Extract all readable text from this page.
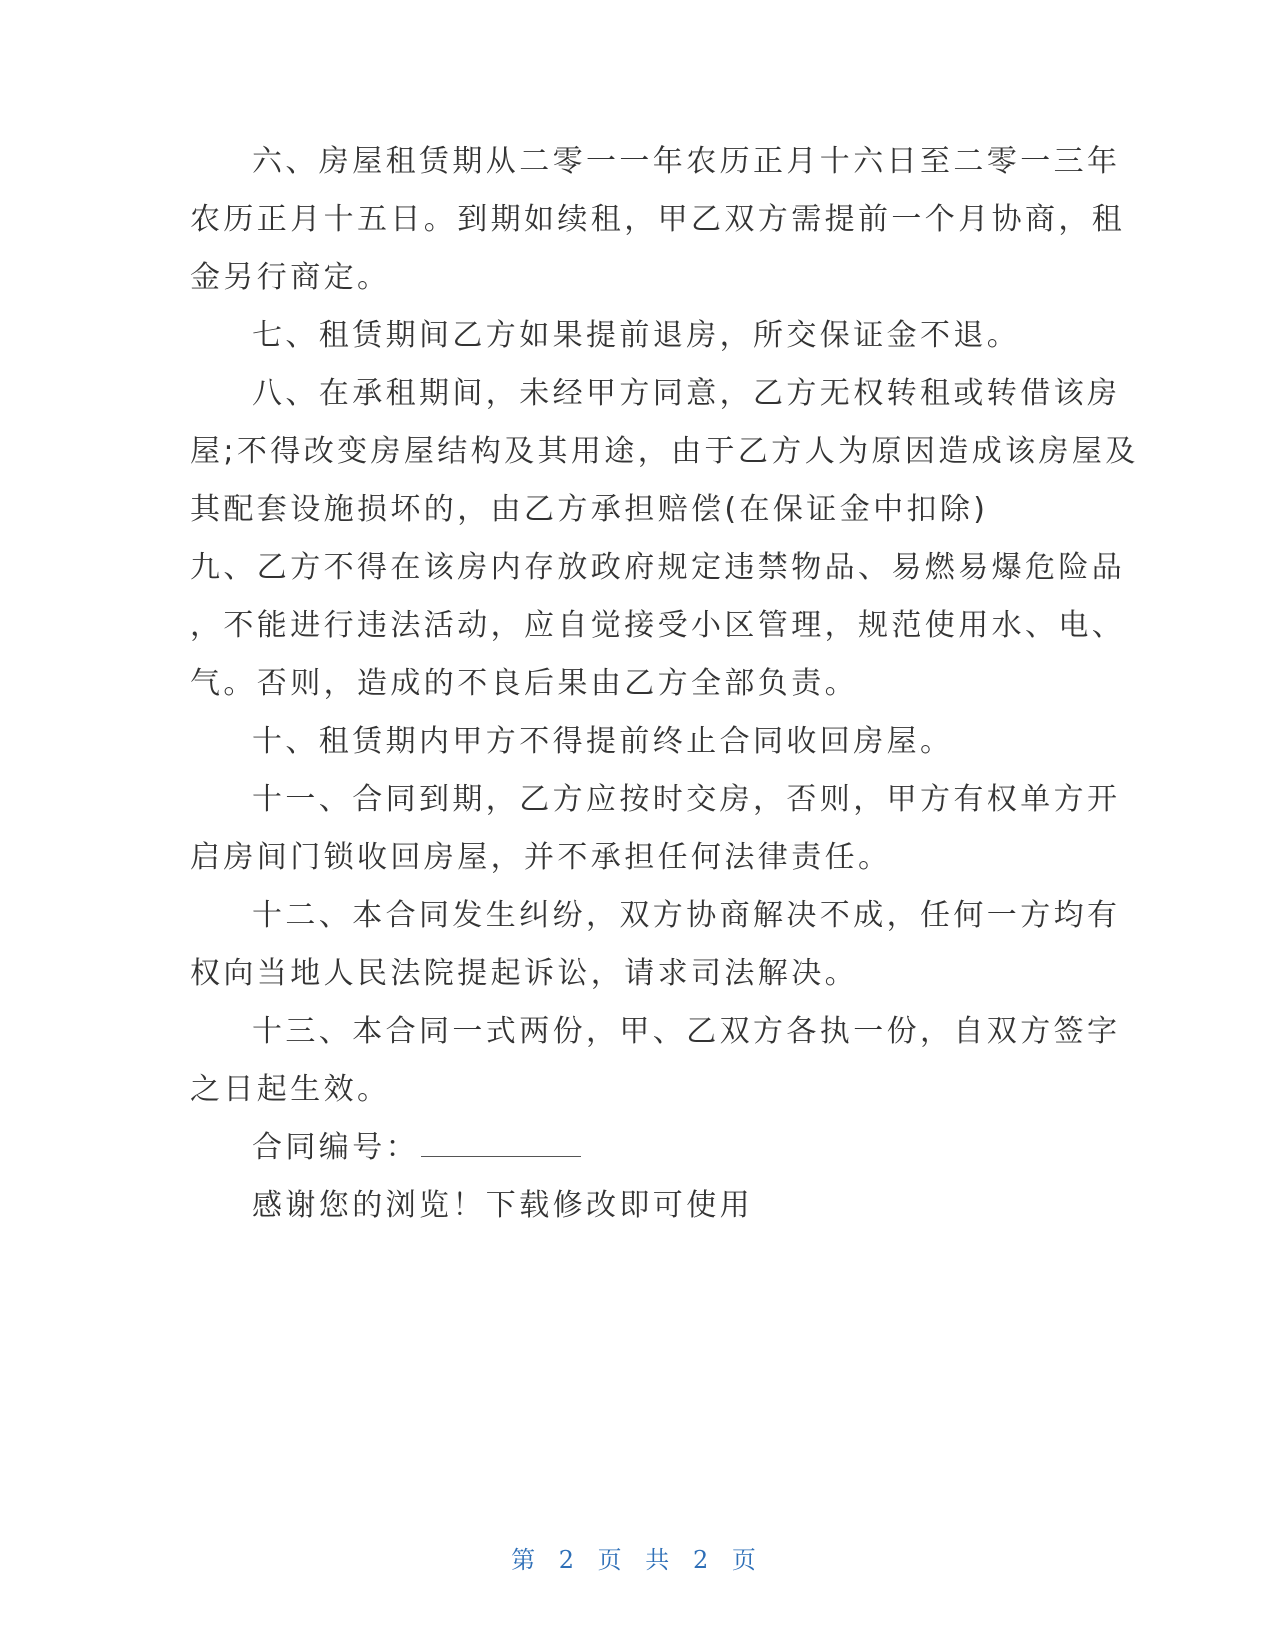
六、房屋租赁期从二零一一年农历正月十六日至二零一三年
农历正月十五日。到期如续租，甲乙双方需提前一个月协商，租
金另行商定。
七、租赁期间乙方如果提前退房，所交保证金不退。
八、在承租期间，未经甲方同意，乙方无权转租或转借该房
屋;不得改变房屋结构及其用途，由于乙方人为原因造成该房屋及
其配套设施损坏的，由乙方承担赔偿(在保证金中扣除)
九、乙方不得在该房内存放政府规定违禁物品、易燃易爆危险品
，不能进行违法活动，应自觉接受小区管理，规范使用水、电、
气。否则，造成的不良后果由乙方全部负责。
十、租赁期内甲方不得提前终止合同收回房屋。
十一、合同到期，乙方应按时交房，否则，甲方有权单方开
启房间门锁收回房屋，并不承担任何法律责任。
十二、本合同发生纠纷，双方协商解决不成，任何一方均有
权向当地人民法院提起诉讼，请求司法解决。
十三、本合同一式两份，甲、乙双方各执一份，自双方签字
之日起生效。
合同编号：
感谢您的浏览！下载修改即可使用
第 2 页 共 2 页
